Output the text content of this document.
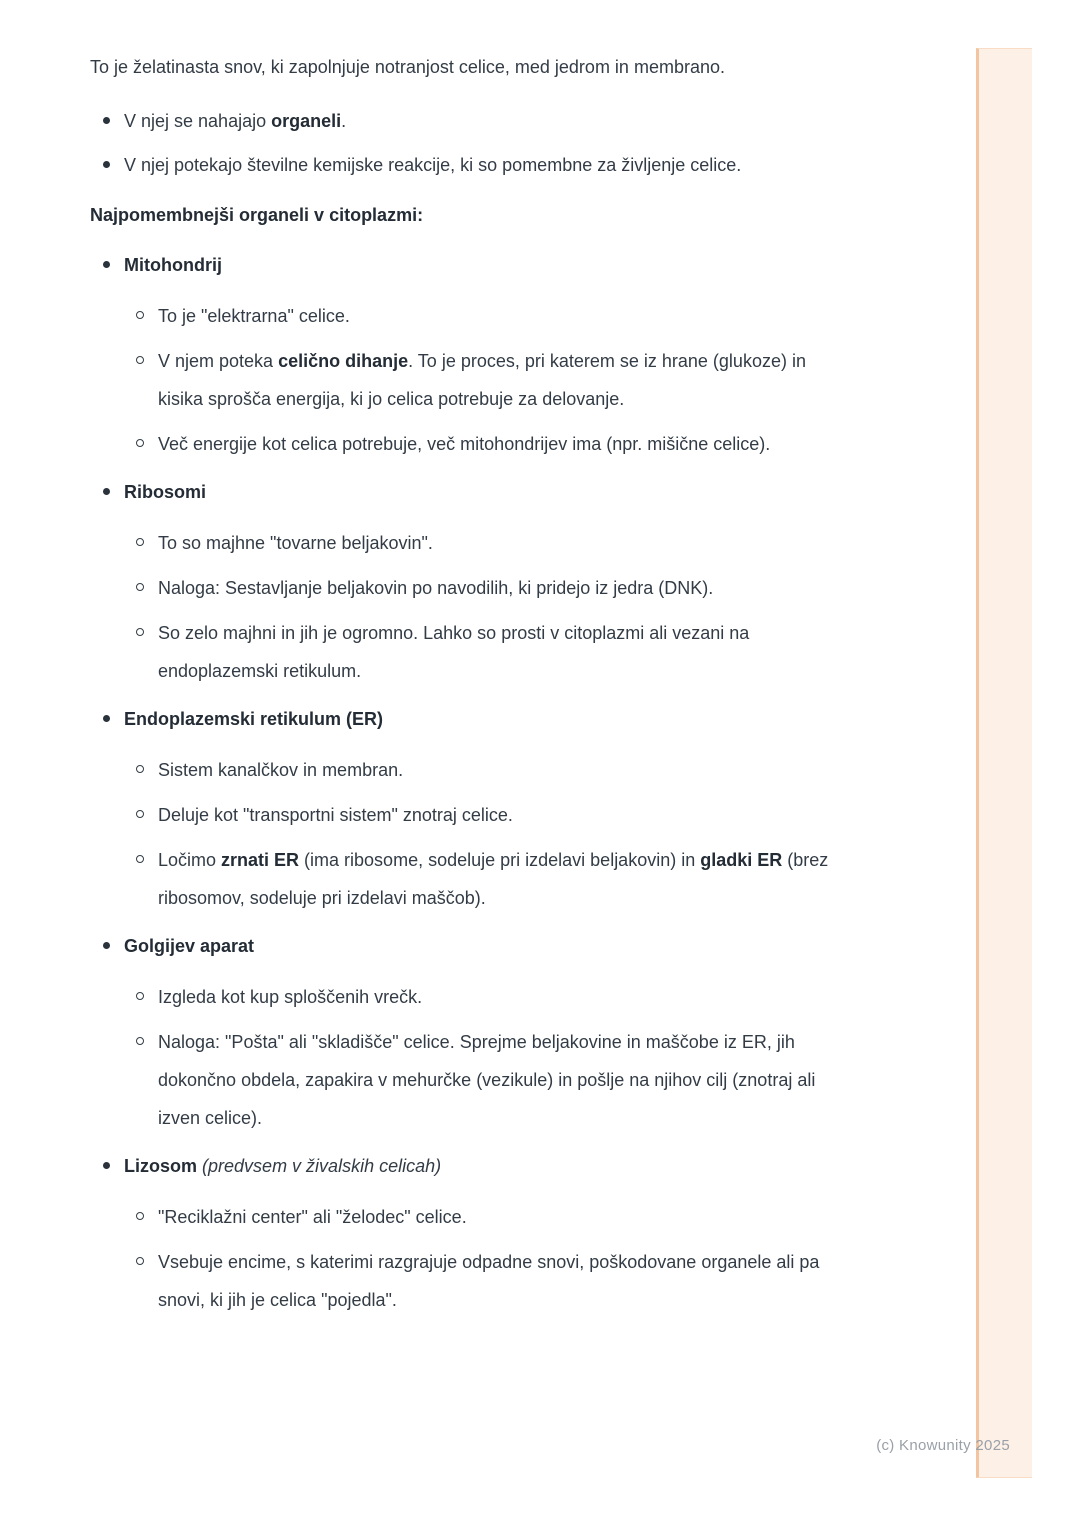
To je želatinasta snov, ki zapolnjuje notranjost celice, med jedrom in membrano.

V njej se nahajajo organeli.
V njej potekajo številne kemijske reakcije, ki so pomembne za življenje celice.

Najpomembnejši organeli v citoplazmi:

Mitohondrij
To je "elektrarna" celice.
V njem poteka celično dihanje. To je proces, pri katerem se iz hrane (glukoze) in kisika sprošča energija, ki jo celica potrebuje za delovanje.
Več energije kot celica potrebuje, več mitohondrijev ima (npr. mišične celice).
Ribosomi
To so majhne "tovarne beljakovin".
Naloga: Sestavljanje beljakovin po navodilih, ki pridejo iz jedra (DNK).
So zelo majhni in jih je ogromno. Lahko so prosti v citoplazmi ali vezani na endoplazemski retikulum.
Endoplazemski retikulum (ER)
Sistem kanalčkov in membran.
Deluje kot "transportni sistem" znotraj celice.
Ločimo zrnati ER (ima ribosome, sodeluje pri izdelavi beljakovin) in gladki ER (brez ribosomov, sodeluje pri izdelavi maščob).
Golgijev aparat
Izgleda kot kup sploščenih vrečk.
Naloga: "Pošta" ali "skladišče" celice. Sprejme beljakovine in maščobe iz ER, jih dokončno obdela, zapakira v mehurčke (vezikule) in pošlje na njihov cilj (znotraj ali izven celice).
Lizosom (predvsem v živalskih celicah)
"Reciklažni center" ali "želodec" celice.
Vsebuje encime, s katerimi razgrajuje odpadne snovi, poškodovane organele ali pa snovi, ki jih je celica "pojedla".
(c) Knowunity 2025
